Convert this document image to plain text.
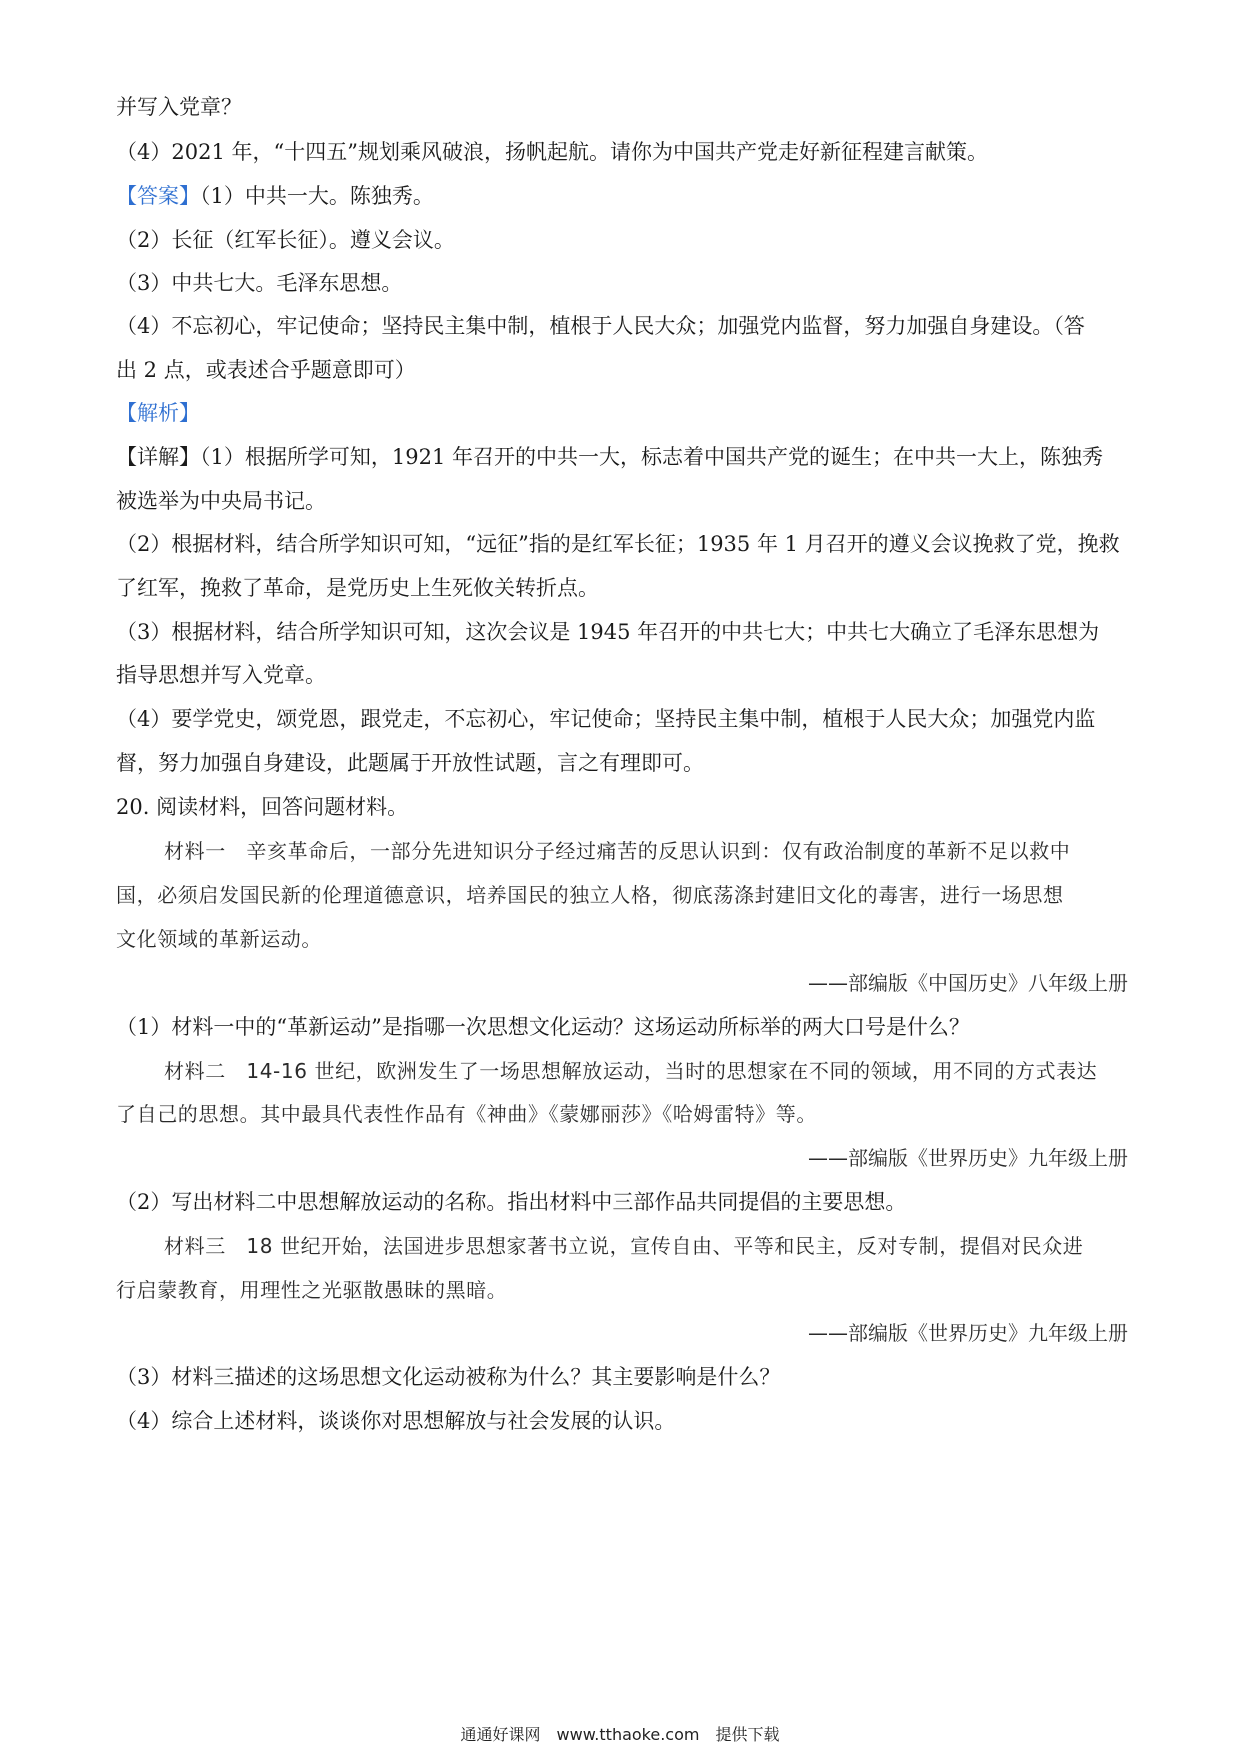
并写入党章？
（4）2021 年，“十四五”规划乘风破浪，扬帆起航。请你为中国共产党走好新征程建言献策。
【答案】（1）中共一大。陈独秀。
（2）长征（红军长征）。遵义会议。
（3）中共七大。毛泽东思想。
（4）不忘初心，牢记使命；坚持民主集中制，植根于人民大众；加强党内监督，努力加强自身建设。（答
出 2 点，或表述合乎题意即可）
【解析】
【详解】（1）根据所学可知，1921 年召开的中共一大，标志着中国共产党的诞生；在中共一大上，陈独秀
被选举为中央局书记。
（2）根据材料，结合所学知识可知，“远征”指的是红军长征；1935 年 1 月召开的遵义会议挽救了党，挽救
了红军，挽救了革命，是党历史上生死攸关转折点。
（3）根据材料，结合所学知识可知，这次会议是 1945 年召开的中共七大；中共七大确立了毛泽东思想为
指导思想并写入党章。
（4）要学党史，颂党恩，跟党走，不忘初心，牢记使命；坚持民主集中制，植根于人民大众；加强党内监
督，努力加强自身建设，此题属于开放性试题，言之有理即可。
20. 阅读材料，回答问题材料。
材料一　辛亥革命后，一部分先进知识分子经过痛苦的反思认识到：仅有政治制度的革新不足以救中
国，必须启发国民新的伦理道德意识，培养国民的独立人格，彻底荡涤封建旧文化的毒害，进行一场思想
文化领域的革新运动。
——部编版《中国历史》八年级上册
（1）材料一中的“革新运动”是指哪一次思想文化运动？这场运动所标举的两大口号是什么？
材料二　14-16 世纪，欧洲发生了一场思想解放运动，当时的思想家在不同的领域，用不同的方式表达
了自己的思想。其中最具代表性作品有《神曲》《蒙娜丽莎》《哈姆雷特》等。
——部编版《世界历史》九年级上册
（2）写出材料二中思想解放运动的名称。指出材料中三部作品共同提倡的主要思想。
材料三　18 世纪开始，法国进步思想家著书立说，宣传自由、平等和民主，反对专制，提倡对民众进
行启蒙教育，用理性之光驱散愚昧的黑暗。
——部编版《世界历史》九年级上册
（3）材料三描述的这场思想文化运动被称为什么？其主要影响是什么？
（4）综合上述材料，谈谈你对思想解放与社会发展的认识。
通通好课网　www.tthaoke.com　提供下载
